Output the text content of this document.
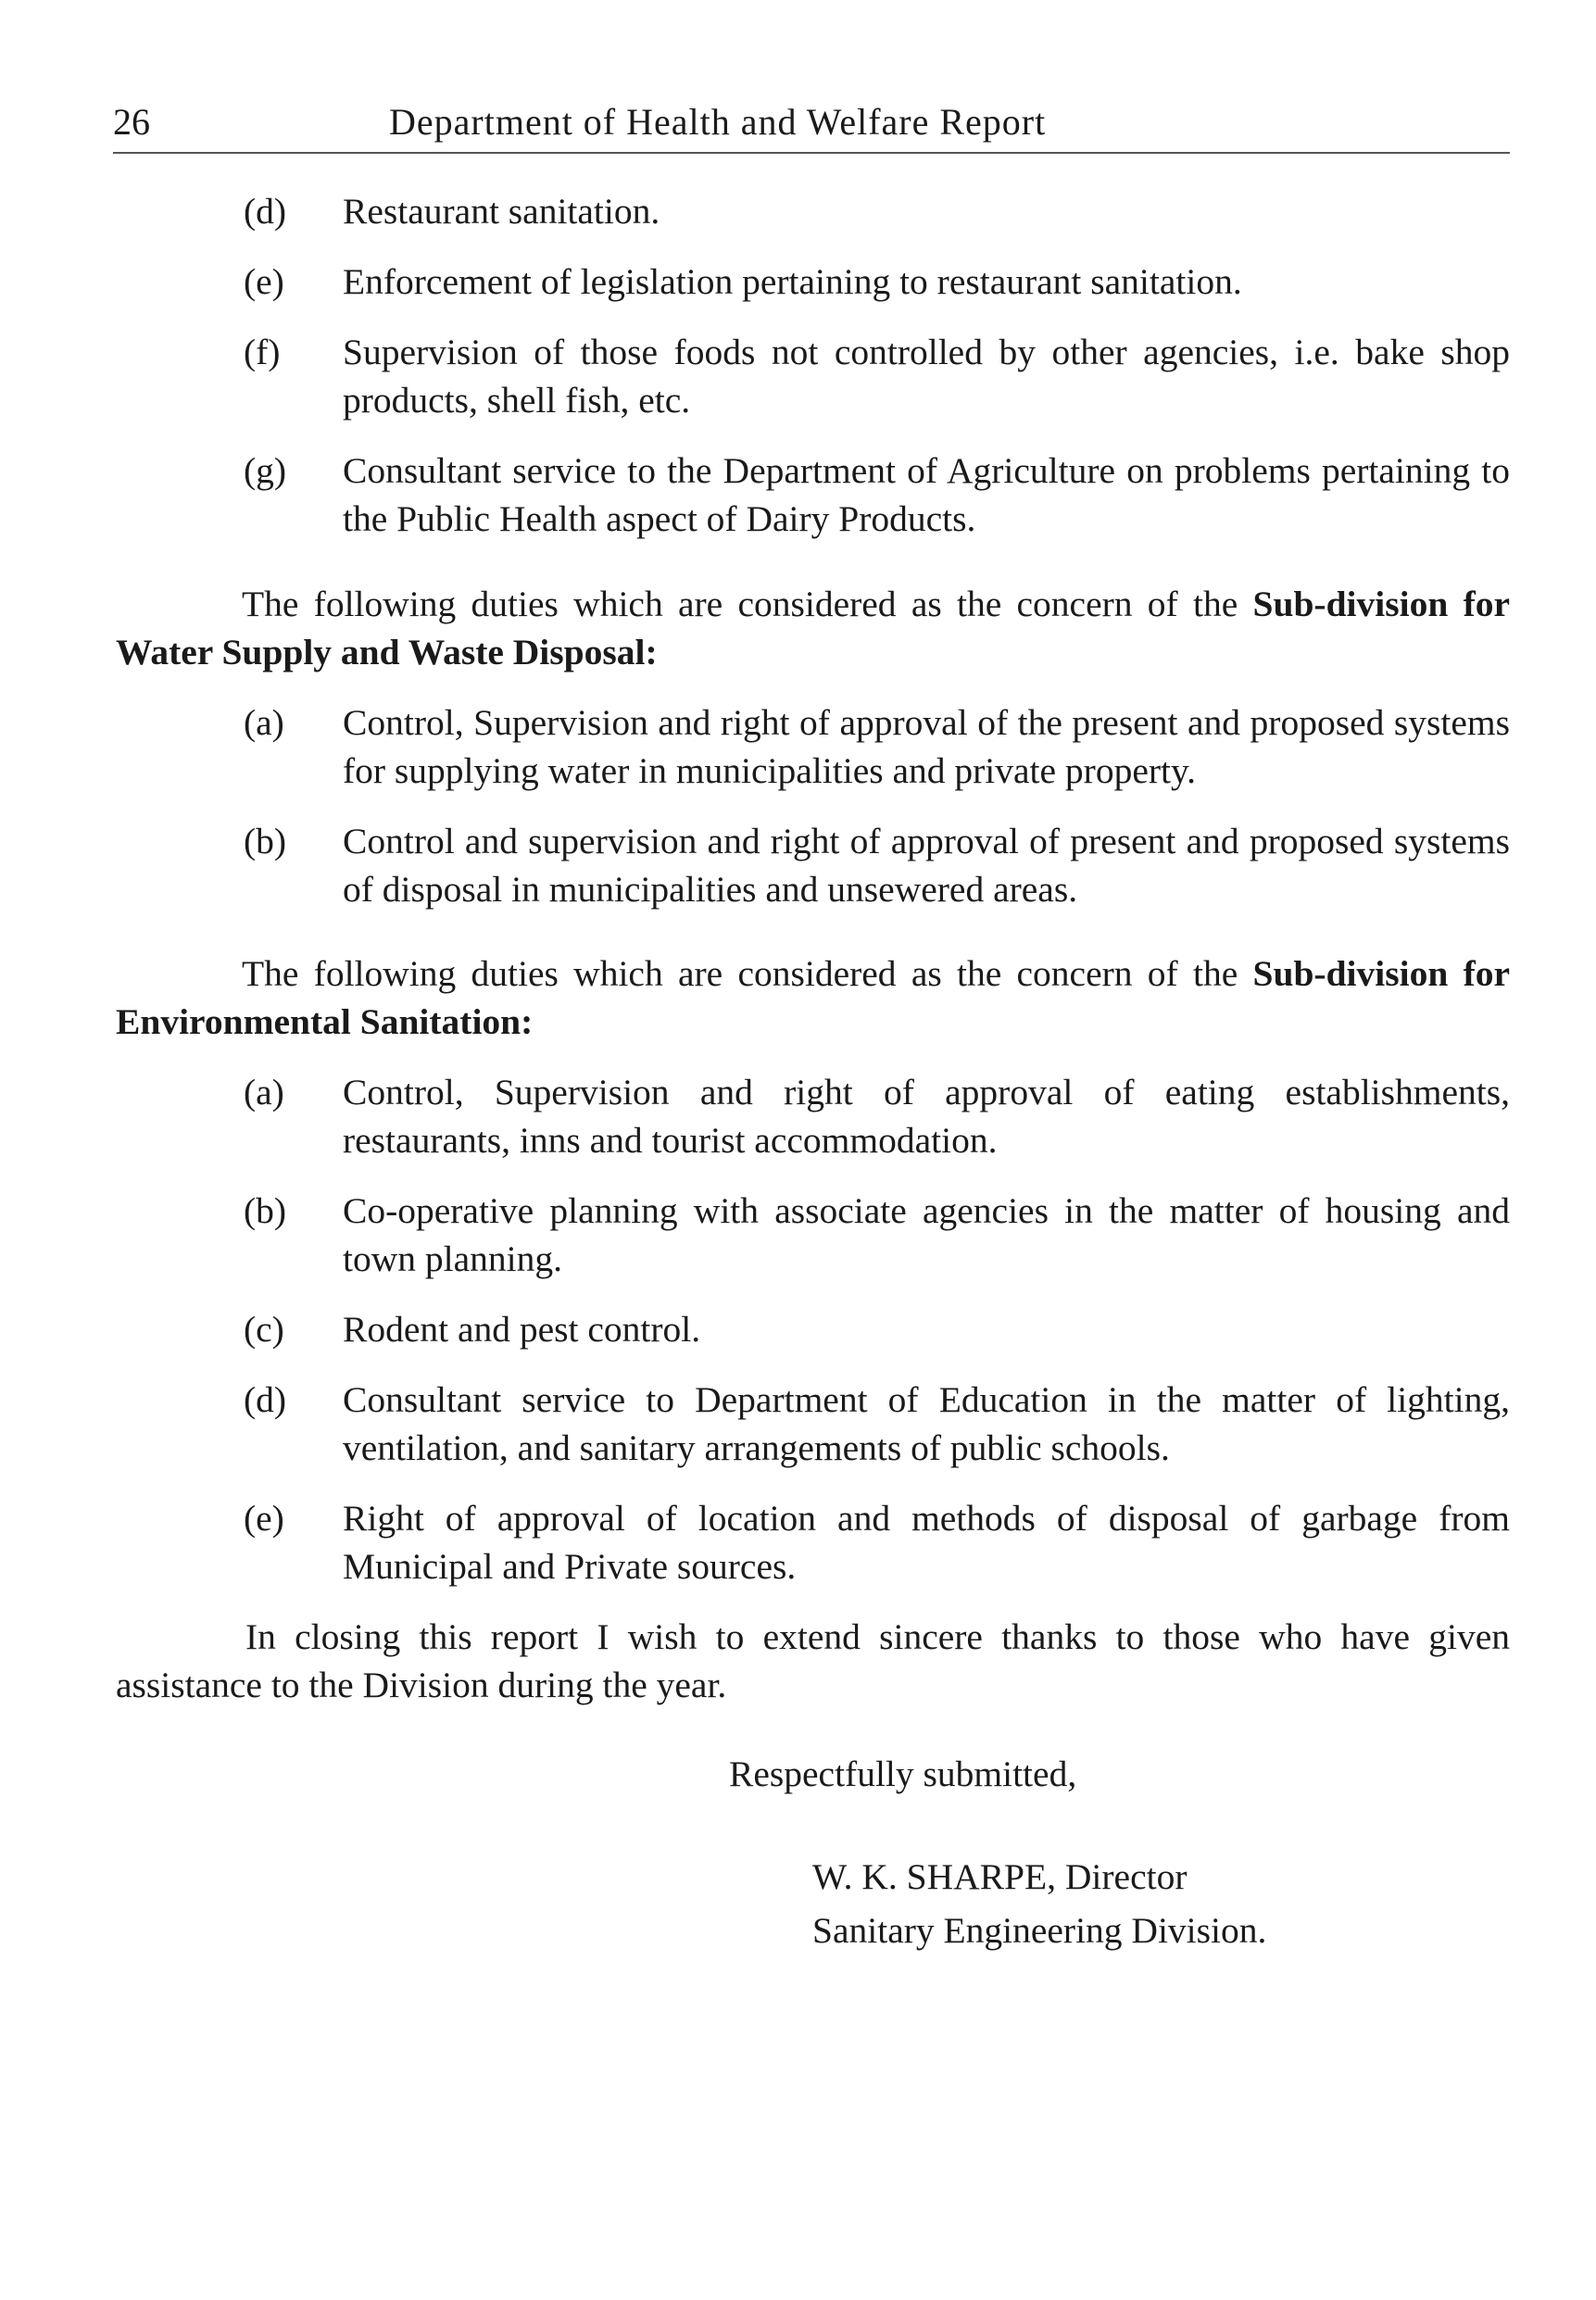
26	Department of Health and Welfare Report
(d) Restaurant sanitation.
(e) Enforcement of legislation pertaining to restaurant sanitation.
(f) Supervision of those foods not controlled by other agencies, i.e. bake shop products, shell fish, etc.
(g) Consultant service to the Department of Agriculture on problems pertaining to the Public Health aspect of Dairy Products.

The following duties which are considered as the concern of the Sub-division for Water Supply and Waste Disposal:

(a) Control, Supervision and right of approval of the present and proposed systems for supplying water in municipalities and private property.
(b) Control and supervision and right of approval of present and proposed systems of disposal in municipalities and unsewered areas.

The following duties which are considered as the concern of the Sub-division for Environmental Sanitation:

(a) Control, Supervision and right of approval of eating establishments, restaurants, inns and tourist accommodation.
(b) Co-operative planning with associate agencies in the matter of housing and town planning.
(c) Rodent and pest control.
(d) Consultant service to Department of Education in the matter of lighting, ventilation, and sanitary arrangements of public schools.
(e) Right of approval of location and methods of disposal of garbage from Municipal and Private sources.

In closing this report I wish to extend sincere thanks to those who have given assistance to the Division during the year.

Respectfully submitted,
W. K. SHARPE, Director
Sanitary Engineering Division.
